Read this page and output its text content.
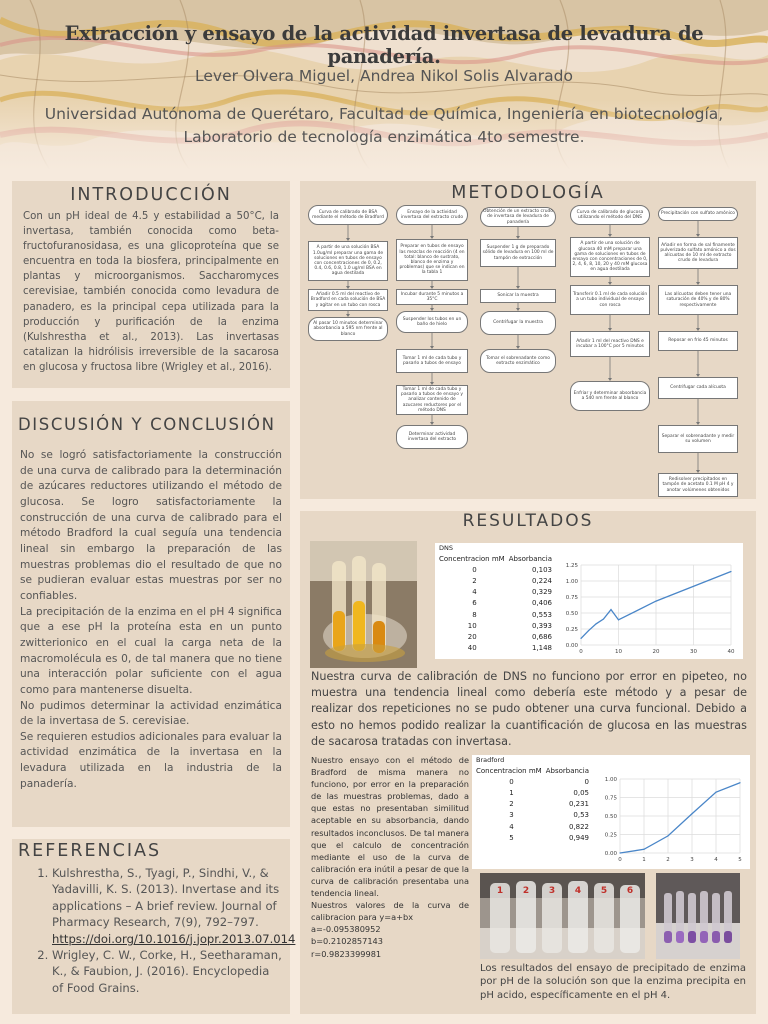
Extracción y ensayo de la actividad invertasa de levadura de panadería.
Lever Olvera Miguel, Andrea Nikol Solis Alvarado
Universidad Autónoma de Querétaro, Facultad de Química, Ingeniería en biotecnología, Laboratorio de tecnología enzimática 4to semestre.
INTRODUCCIÓN
Con un pH ideal de 4.5 y estabilidad a 50°C, la invertasa, también conocida como beta-fructofuranosidasa, es una glicoproteína que se encuentra en toda la biosfera, principalmente en plantas y microorganismos. Saccharomyces cerevisiae, también conocida como levadura de panadero, es la principal cepa utilizada para la producción y purificación de la enzima (Kulshrestha et al., 2013). Las invertasas catalizan la hidrólisis irreversible de la sacarosa en glucosa y fructosa libre (Wrigley et al., 2016).
DISCUSIÓN Y CONCLUSIÓN
No se logró satisfactoriamente la construcción de una curva de calibrado para la determinación de azúcares reductores utilizando el método de glucosa. Se logro satisfactoriamente la construcción de una curva de calibrado para el método Bradford la cual seguía una tendencia lineal sin embargo la preparación de las muestras problemas dio el resultado de que no se pudieran evaluar estas muestras por ser no confiables.
La precipitación de la enzima en el pH 4 significa que a ese pH la proteína esta en un punto zwitterionico en el cual la carga neta de la macromolécula es 0, de tal manera que no tiene una interacción polar suficiente con el agua como para mantenerse disuelta.
No pudimos determinar la actividad enzimática de la invertasa de S. cerevisiae.
Se requieren estudios adicionales para evaluar la actividad enzimática de la invertasa en la levadura utilizada en la industria de la panadería.
REFERENCIAS
1. Kulshrestha, S., Tyagi, P., Sindhi, V., & Yadavilli, K. S. (2013). Invertase and its applications – A brief review. Journal of Pharmacy Research, 7(9), 792–797. https://doi.org/10.1016/j.jopr.2013.07.014
2. Wrigley, C. W., Corke, H., Seetharaman, K., & Faubion, J. (2016). Encyclopedia of Food Grains.
METODOLOGÍA
Curva de calibrado de BSA mediante el método de Bradford
A partir de una solución BSA 1.0ug/ml preparar una gama de soluciones en tubos de ensayo con concentraciones de 0, 0.2, 0.4, 0.6, 0.8, 1.0 ug/ml BSA en agua destilada
Añadir 0.5 ml del reactivo de Bradford en cada solución de BSA y agitar en un tubo con rosca
Al pasar 10 minutos determinar absorbancia a 595 nm frente al blanco
Ensayo de la actividad invertasa del extracto crudo
Preparar en tubos de ensayo las mezclas de reacción (4 en total: blanco de sustrato, blanco de enzima y problemas) que se indican en la tabla 1
Incubar durante 5 minutos a 35°C
Suspender los tubos en un baño de hielo
Tomar 1 ml de cada tubo y pasarlo a tubos de ensayo
Tomar 1 ml de cada tubo y pasarlo a tubos de ensayo y analizar contenido de azucares reductores por el método DNS
Determinar actividad invertasa del extracto
Obtención de un extracto crudo de invertasa de levadura de panadería
Suspender 1 g de preparado sólido de levadura en 100 ml de tampón de extracción
Sonicar la muestra
Centrifugar la muestra
Tomar el sobrenadante como extracto enzimático
Curva de calibrado de glucosa utilizando el método del DNS
A partir de una solución de glucosa 40 mM preparar una gama de soluciones en tubos de ensayo con concentraciones de 0, 2, 4, 6, 8, 10, 20 y 40 mM glucosa en agua destilada
Transferir 0.1 ml de cada solución a un tubo individual de ensayo con rosca
Añadir 1 ml del reactivo DNS e incubar a 100°C por 5 minutos
Enfriar y determinar absorbancia a 540 nm frente al blanco
Precipitación con sulfato amónico
Añadir en forma de sal finamente pulverizado sulfato amónico a dos alícuotas de 10 ml de extracto crudo de levadura
Las alícuotas deben tener una saturación de 40% y de 80% respectivamente
Reposar en frío 45 minutos
Centrifugar cada alícuota
Separar el sobrenadante y medir su volumen
Redisolver precipitados en tampón de acetato 0.1 M pH 4 y anotar volúmenes obtenidos
RESULTADOS
DNS
Concentracion mM	Absorbancia
0	0,103
2	0,224
4	0,329
6	0,406
8	0,553
10	0,393
20	0,686
40	1,148 0.00
0.25
0.50
0.75
1.00
1.25
0	10	20	30	40
Nuestra curva de calibración de DNS no funciono por error en pipeteo, no muestra una tendencia lineal como debería este método y a pesar de realizar dos repeticiones no se pudo obtener una curva funcional. Debido a esto no hemos podido realizar la cuantificación de glucosa en las muestras de sacarosa tratadas con invertasa.
Nuestro ensayo con el método de Bradford de misma manera no funciono, por error en la preparación de las muestras problemas, dado a que estas no presentaban similitud aceptable en su absorbancia, dando resultados inconclusos. De tal manera que el calculo de concentración mediante el uso de la curva de calibración era inútil a pesar de que la curva de calibración presentaba una tendencia lineal.
Nuestros valores de la curva de calibracion para y=a+bx
a=-0.095380952
b=0.2102857143
r=0.9823399981
Bradford
Concentracion mM	Absorbancia
0	0
1	0,05
2	0,231
3	0,53
4	0,822
5	0,949
0.00
0.25
0.50
0.75
1.00
0	1	2	3	4	5
1 2 3 4 5 6
Los resultados del ensayo de precipitado de enzima por pH de la solución son que la enzima precipita en pH acido, específicamente en el pH 4.
